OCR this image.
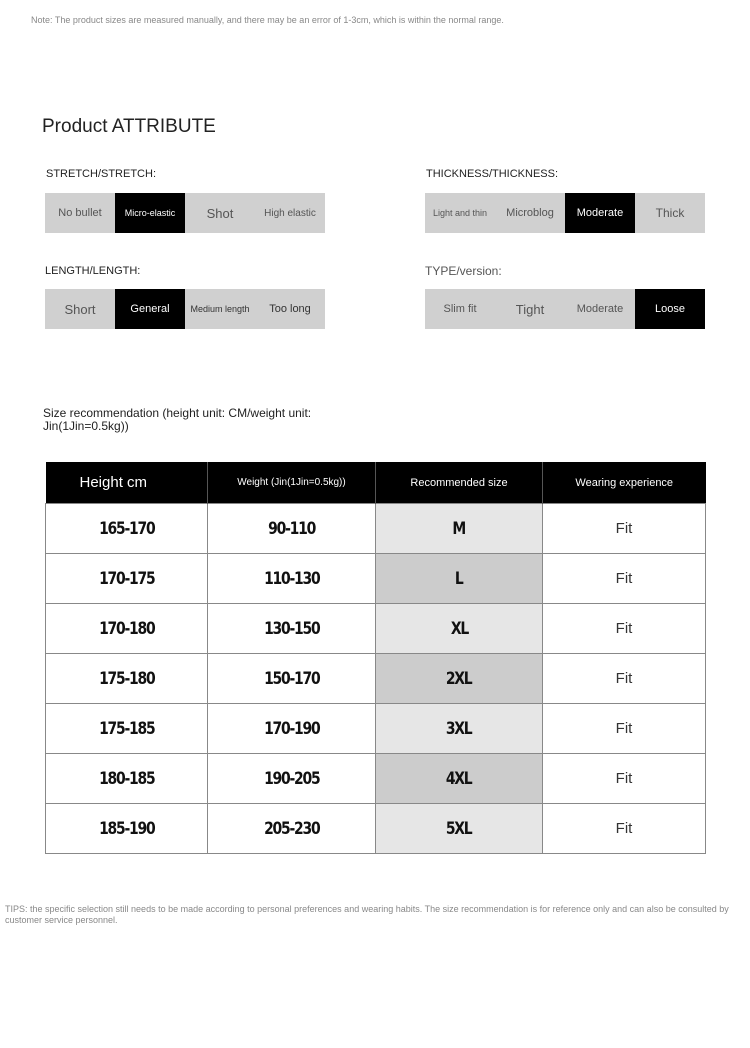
Note: The product sizes are measured manually, and there may be an error of 1-3cm, which is within the normal range.
Product ATTRIBUTE
STRETCH/STRETCH:
No bullet	Micro-elastic	Shot	High elastic
THICKNESS/THICKNESS:
Light and thin	Microblog	Moderate	Thick
LENGTH/LENGTH:
Short	General	Medium length	Too long
TYPE/version:
Slim fit	Tight	Moderate	Loose
Size recommendation (height unit: CM/weight unit: Jin(1Jin=0.5kg))
Height cm	Weight (Jin(1Jin=0.5kg))	Recommended size	Wearing experience
165-170	90-110	M	Fit
170-175	110-130	L	Fit
170-180	130-150	XL	Fit
175-180	150-170	2XL	Fit
175-185	170-190	3XL	Fit
180-185	190-205	4XL	Fit
185-190	205-230	5XL	Fit
TIPS: the specific selection still needs to be made according to personal preferences and wearing habits. The size recommendation is for reference only and can also be consulted by customer service personnel.
